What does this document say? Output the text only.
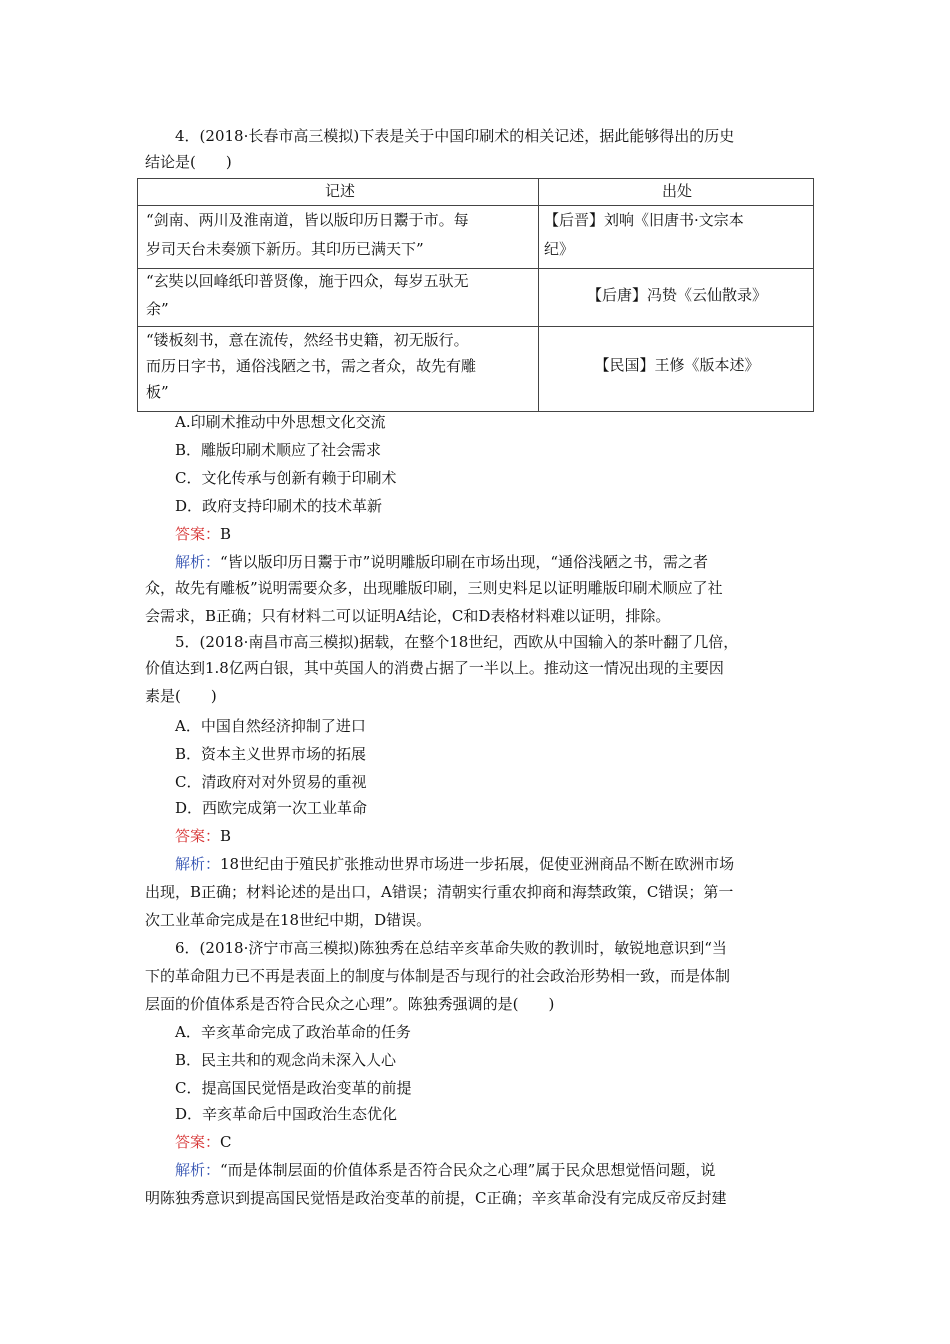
4．(2018·长春市高三模拟)下表是关于中国印刷术的相关记述，据此能够得出的历史
结论是(　　)
记述	出处
“剑南、两川及淮南道，皆以版印历日鬻于市。每
岁司天台未奏颁下新历。其印历已满天下”
【后晋】刘响《旧唐书·文宗本
纪》
“玄奘以回峰纸印普贤像，施于四众，每岁五驮无
余”
【后唐】冯贽《云仙散录》
“镂板刻书，意在流传，然经书史籍，初无版行。
而历日字书，通俗浅陋之书，需之者众，故先有雕
板”
【民国】王修《版本述》
A.印刷术推动中外思想文化交流
B．雕版印刷术顺应了社会需求
C．文化传承与创新有赖于印刷术
D．政府支持印刷术的技术革新
答案：B
解析：“皆以版印历日鬻于市”说明雕版印刷在市场出现，“通俗浅陋之书，需之者
众，故先有雕板”说明需要众多，出现雕版印刷，三则史料足以证明雕版印刷术顺应了社
会需求，B正确；只有材料二可以证明A结论，C和D表格材料难以证明，排除。
5．(2018·南昌市高三模拟)据载，在整个18世纪，西欧从中国输入的茶叶翻了几倍，
价值达到1.8亿两白银，其中英国人的消费占据了一半以上。推动这一情况出现的主要因
素是(　　)
A．中国自然经济抑制了进口
B．资本主义世界市场的拓展
C．清政府对对外贸易的重视
D．西欧完成第一次工业革命
答案：B
解析：18世纪由于殖民扩张推动世界市场进一步拓展，促使亚洲商品不断在欧洲市场
出现，B正确；材料论述的是出口，A错误；清朝实行重农抑商和海禁政策，C错误；第一
次工业革命完成是在18世纪中期，D错误。
6．(2018·济宁市高三模拟)陈独秀在总结辛亥革命失败的教训时，敏锐地意识到“当
下的革命阻力已不再是表面上的制度与体制是否与现行的社会政治形势相一致，而是体制
层面的价值体系是否符合民众之心理”。陈独秀强调的是(　　)
A．辛亥革命完成了政治革命的任务
B．民主共和的观念尚未深入人心
C．提高国民觉悟是政治变革的前提
D．辛亥革命后中国政治生态优化
答案：C
解析：“而是体制层面的价值体系是否符合民众之心理”属于民众思想觉悟问题，说
明陈独秀意识到提高国民觉悟是政治变革的前提，C正确；辛亥革命没有完成反帝反封建
